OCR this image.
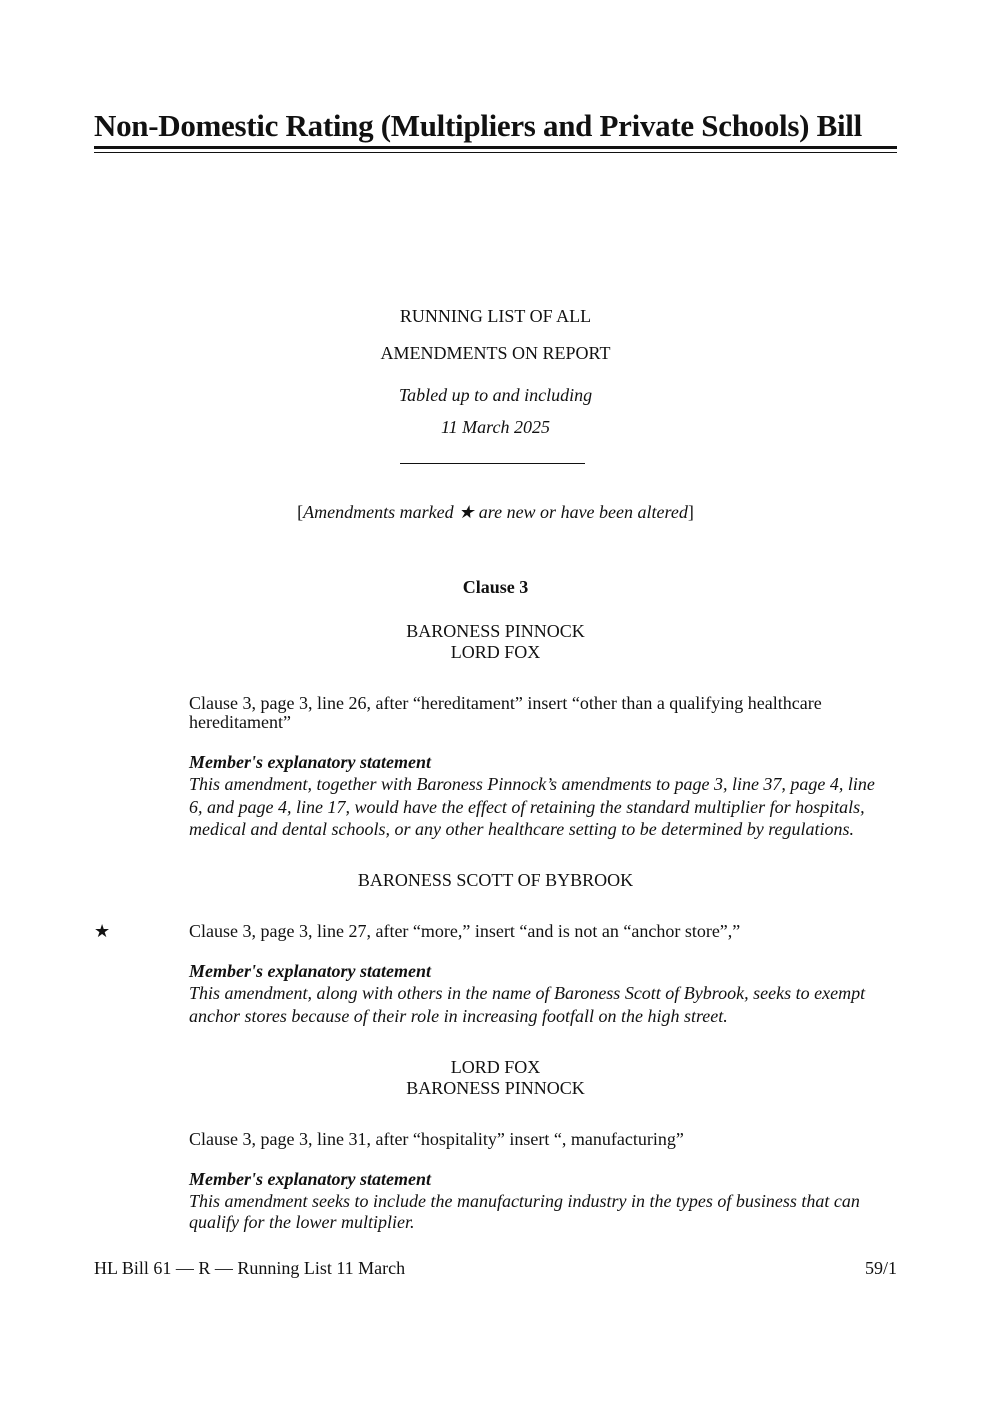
Non-Domestic Rating (Multipliers and Private Schools) Bill
RUNNING LIST OF ALL
AMENDMENTS ON REPORT
Tabled up to and including
11 March 2025
[Amendments marked ★ are new or have been altered]
Clause 3
BARONESS PINNOCK
LORD FOX
Clause 3, page 3, line 26, after “hereditament” insert “other than a qualifying healthcare
hereditament”
Member's explanatory statement
This amendment, together with Baroness Pinnock’s amendments to page 3, line 37, page 4, line
6, and page 4, line 17, would have the effect of retaining the standard multiplier for hospitals,
medical and dental schools, or any other healthcare setting to be determined by regulations.
BARONESS SCOTT OF BYBROOK
★	Clause 3, page 3, line 27, after “more,” insert “and is not an “anchor store”,”
Member's explanatory statement
This amendment, along with others in the name of Baroness Scott of Bybrook, seeks to exempt
anchor stores because of their role in increasing footfall on the high street.
LORD FOX
BARONESS PINNOCK
Clause 3, page 3, line 31, after “hospitality” insert “, manufacturing”
Member's explanatory statement
This amendment seeks to include the manufacturing industry in the types of business that can
qualify for the lower multiplier.
HL Bill 61 — R — Running List 11 March	59/1
